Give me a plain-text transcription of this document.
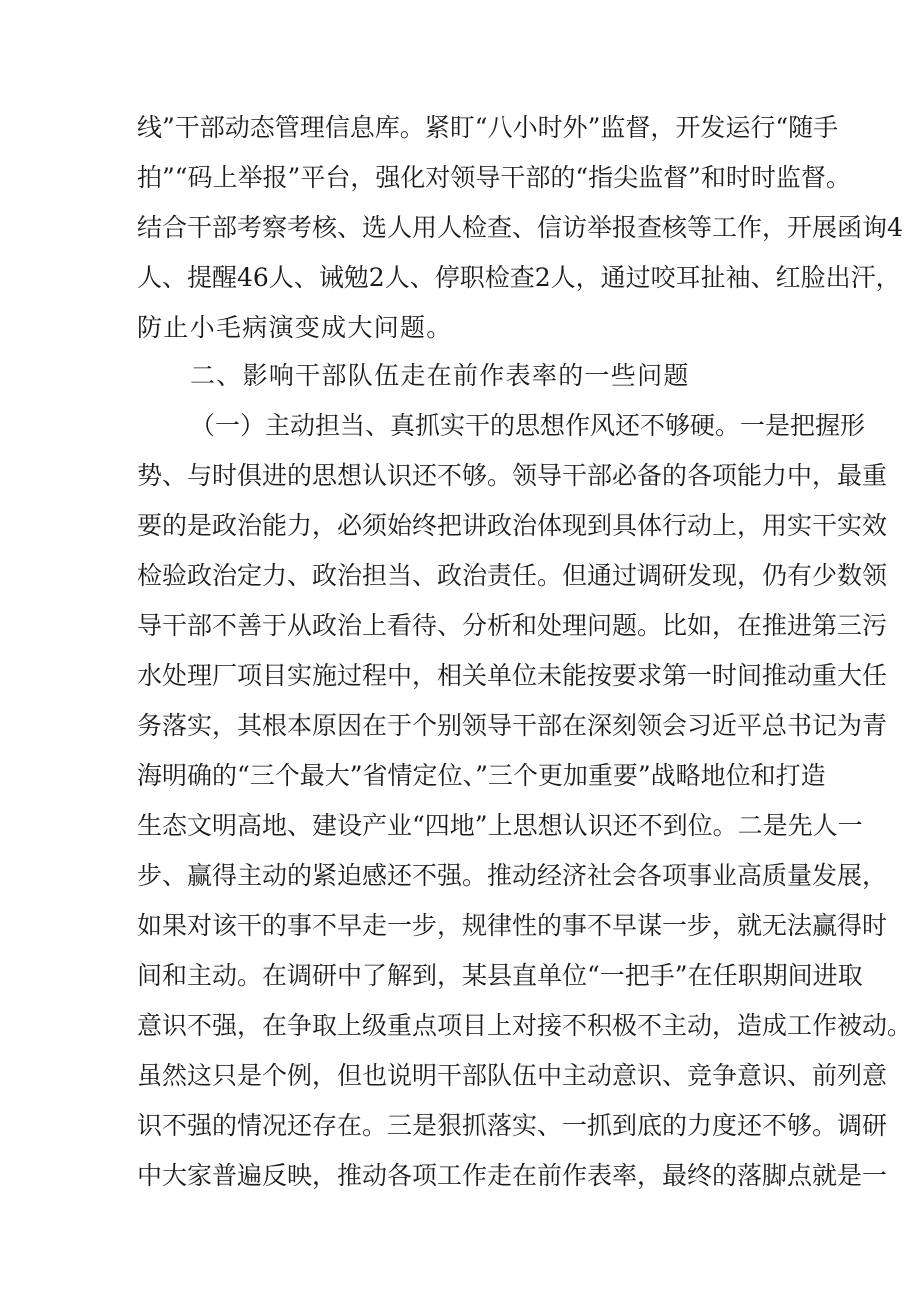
线”干部动态管理信息库。紧盯“八小时外”监督，开发运行“随手
拍”“码上举报”平台，强化对领导干部的“指尖监督”和时时监督。
结合干部考察考核、选人用人检查、信访举报查核等工作，开展函询4
人、提醒46人、诫勉2人、停职检查2人，通过咬耳扯袖、红脸出汗，
防止小毛病演变成大问题。
二、影响干部队伍走在前作表率的一些问题
（一）主动担当、真抓实干的思想作风还不够硬。一是把握形
势、与时俱进的思想认识还不够。领导干部必备的各项能力中，最重
要的是政治能力，必须始终把讲政治体现到具体行动上，用实干实效
检验政治定力、政治担当、政治责任。但通过调研发现，仍有少数领
导干部不善于从政治上看待、分析和处理问题。比如，在推进第三污
水处理厂项目实施过程中，相关单位未能按要求第一时间推动重大任
务落实，其根本原因在于个别领导干部在深刻领会习近平总书记为青
海明确的“三个最大”省情定位、”三个更加重要”战略地位和打造
生态文明高地、建设产业“四地”上思想认识还不到位。二是先人一
步、赢得主动的紧迫感还不强。推动经济社会各项事业高质量发展，
如果对该干的事不早走一步，规律性的事不早谋一步，就无法赢得时
间和主动。在调研中了解到，某县直单位“一把手”在任职期间进取
意识不强，在争取上级重点项目上对接不积极不主动，造成工作被动。
虽然这只是个例，但也说明干部队伍中主动意识、竞争意识、前列意
识不强的情况还存在。三是狠抓落实、一抓到底的力度还不够。调研
中大家普遍反映，推动各项工作走在前作表率，最终的落脚点就是一
